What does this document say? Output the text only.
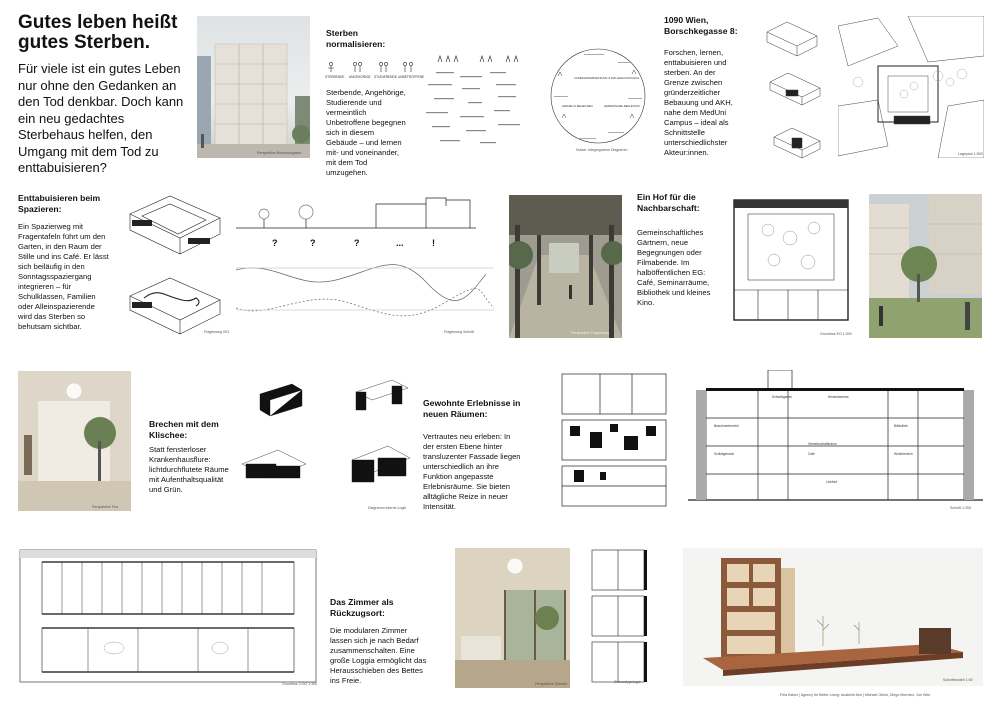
Gutes leben heißt
gutes Sterben.
Für viele ist ein gutes Leben nur ohne den Gedanken an den Tod denkbar. Doch kann ein neu gedachtes Sterbehaus helfen, den Umgang mit dem Tod zu enttabuisieren?
Perspektive Borschkegasse
Sterben normalisieren:
Sterbende, Angehörige, Studierende und vermeintlich Unbetroffene begegnen sich in diesem Gebäude – und lernen mit- und voneinander, mit dem Tod umzugehen.
STERBENDE ANGEHÖRIGE STUDIERENDE UNBETROFFENE	AUSEINANDERSETZUNG & ROLLENAUSTAUSCH
LERNEN & BEGEGNEN	GEMEINSAME REFLEXION
Nutzer Integrogramm Diagramm
1090 Wien, Borschkegasse 8:
Forschen, lernen, enttabuisieren und sterben. An der Grenze zwischen gründerzeitlicher Bebauung und AKH, nahe dem MedUni Campus – ideal als Schnittstelle unterschiedlichster Akteur:innen.	Lageplan 1:500
Enttabuisieren beim Spazieren:
Ein Spazierweg mit Fragentafeln führt um den Garten, in den Raum der Stille und ins Café. Er lässt sich beiläufig in den Sonntagsspaziergang integrieren – für Schulklassen, Familien oder Alleinspazierende wird das Sterben so behutsam sichtbar.
Fragenweg ISO
?	?	?	...	!
Fragenweg Schnitt	Perspektive Fragenweg
Ein Hof für die Nachbarschaft:
Gemeinschaftliches Gärtnern, neue Begegnungen oder Filmabende. Im halböffentlichen EG: Café, Seminarräume, Bibliothek und kleines Kino.
Grundriss EG 1:300
Perspektive Flur
Brechen mit dem Klischee:
Statt fensterloser Krankenhausflure: lichtdurchflutete Räume mit Aufenthaltsqualität und Grün.
Diagramm interne Logik
Gewohnte Erlebnisse in neuen Räumen:
Vertrautes neu erleben: In der ersten Ebene hinter transluzenter Fassade liegen unterschiedlich an ihre Funktion angepasste Erlebnisräume. Sie bieten alltägliche Reize in neuer Intensität.
Schwellgarten	Hexenkammer
Bewohnerbereich	Bibliothek
Café
Gemeinschaftsraum
Schlafgemach
Lichthof
Wohnbereich
Schnitt 1:300
Grundriss 3.OG 1:300
Das Zimmer als Rückzugsort:
Die modularen Zimmer lassen sich je nach Bedarf zusammenschalten. Eine große Loggia ermöglicht das Herausschieben des Bettes ins Freie.	Perspektive Zimmer	Zimmertypologie	Schnittmodell 1:50
Fela Kaiser | Agency für Better Living: Anabelle Ahn | Michael Obrist, Diego Mormino, Joe Wim
